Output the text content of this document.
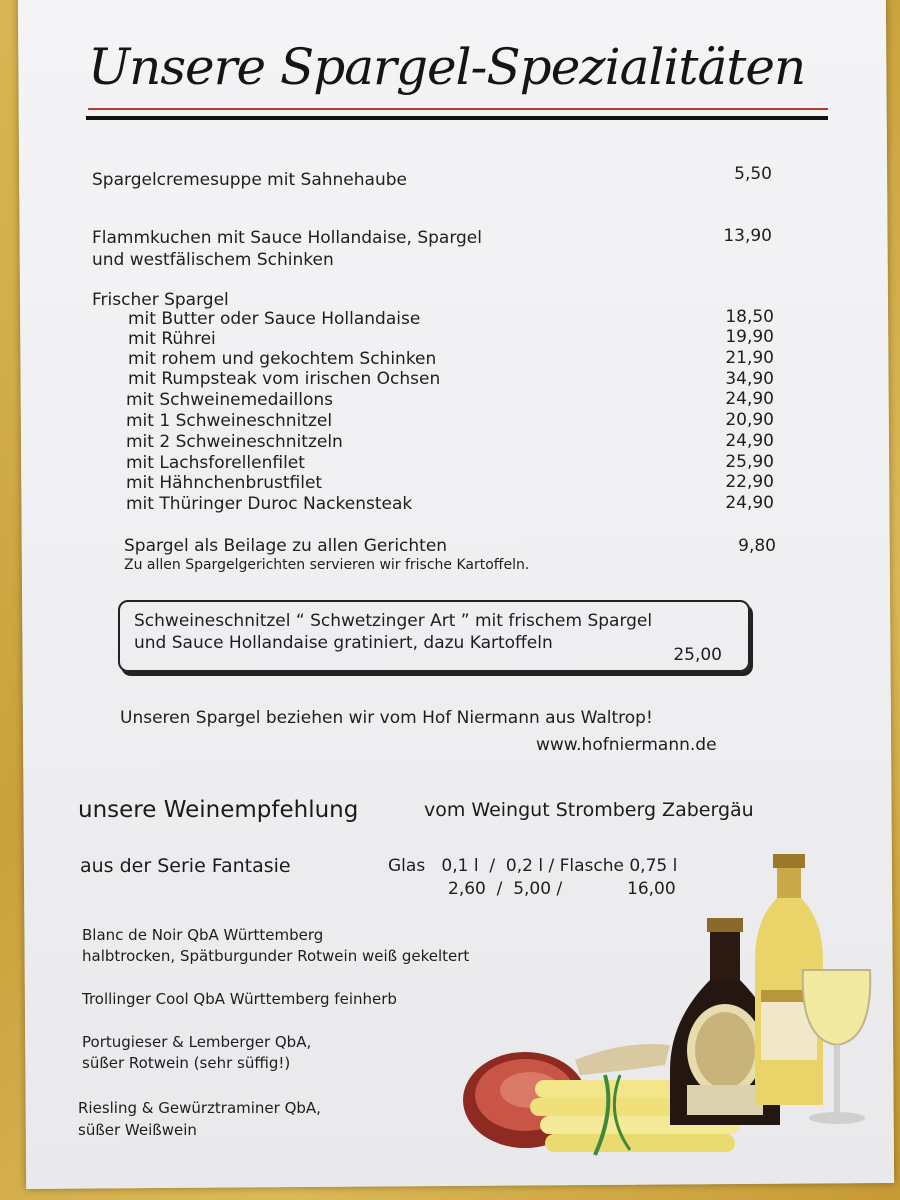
Unsere Spargel-Spezialitäten
Spargelcremesuppe mit Sahnehaube	5,50
Flammkuchen mit Sauce Hollandaise, Spargel
und westfälischem Schinken
13,90
Frischer Spargel
mit Butter oder Sauce Hollandaise	18,50
mit Rührei	19,90
mit rohem und gekochtem Schinken	21,90
mit Rumpsteak vom irischen Ochsen	34,90
mit Schweinemedaillons	24,90
mit 1 Schweineschnitzel	20,90
mit 2 Schweineschnitzeln	24,90
mit Lachsforellenfilet	25,90
mit Hähnchenbrustfilet	22,90
mit Thüringer Duroc Nackensteak	24,90
Spargel als Beilage zu allen Gerichten	9,80
Zu allen Spargelgerichten servieren wir frische Kartoffeln.
Schweineschnitzel “ Schwetzinger Art ” mit frischem Spargel
und Sauce Hollandaise gratiniert, dazu Kartoffeln
25,00
Unseren Spargel beziehen wir vom Hof Niermann aus Waltrop!
www.hofniermann.de
unsere Weinempfehlung	vom Weingut Stromberg Zabergäu
aus der Serie Fantasie	Glas   0,1 l  /  0,2 l / Flasche 0,75 l
2,60  /  5,00 /            16,00
Blanc de Noir QbA Württemberg
halbtrocken, Spätburgunder Rotwein weiß gekeltert
Trollinger Cool QbA Württemberg feinherb
Portugieser & Lemberger QbA,
süßer Rotwein (sehr süffig!)
Riesling & Gewürztraminer QbA,
süßer Weißwein
